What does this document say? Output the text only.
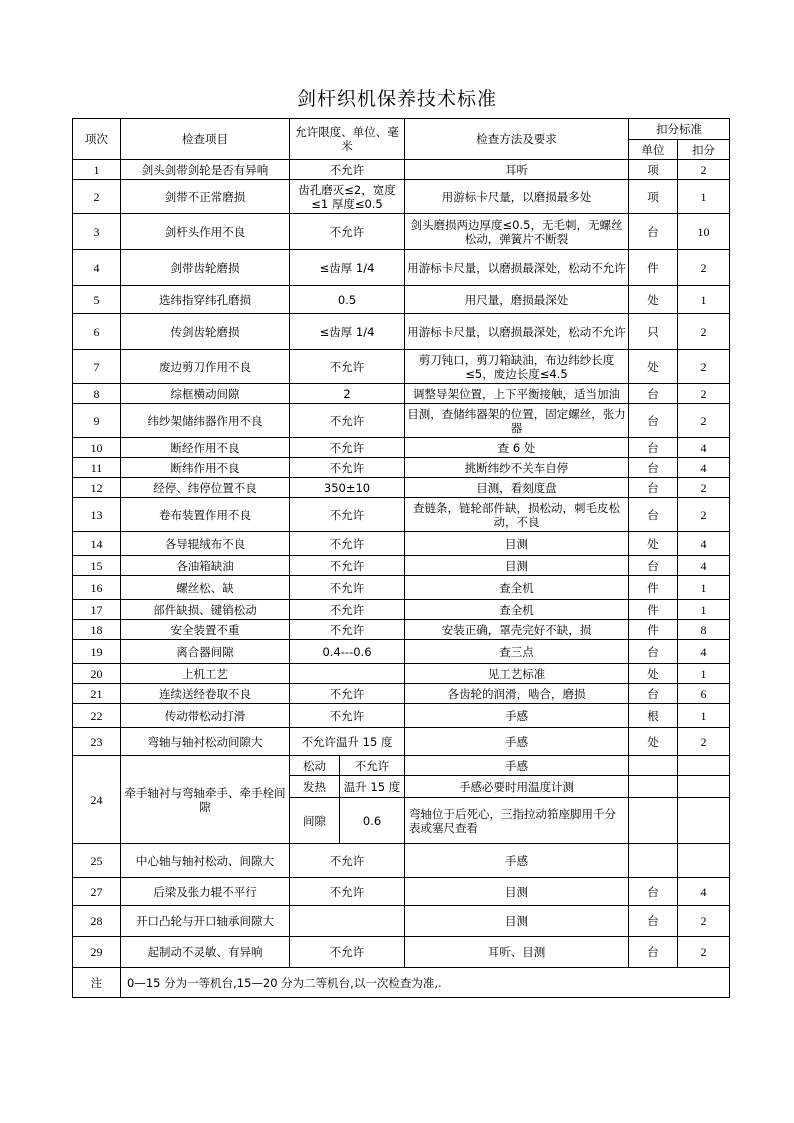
剑杆织机保养技术标准
项次	检查项目	允许限度、单位、毫米		检查方法及要求	扣分标准	
					单位	扣分
1	剑头剑带剑轮是否有异响	不允许		耳听	项	2
2	剑带不正常磨损	齿孔磨灭≤2，宽度≤1 厚度≤0.5		用游标卡尺量，以磨损最多处	项	1
3	剑杆头作用不良	不允许		剑头磨损两边厚度≤0.5，无毛刺，无螺丝松动，弹簧片不断裂	台	10
4	剑带齿轮磨损	≤齿厚 1/4		用游标卡尺量，以磨损最深处，松动不允许	件	2
5	选纬指穿纬孔磨损	0.5		用尺量，磨损最深处	处	1
6	传剑齿轮磨损	≤齿厚 1/4		用游标卡尺量，以磨损最深处，松动不允许	只	2
7	废边剪刀作用不良	不允许		剪刀钝口，剪刀箱缺油，布边纬纱长度≤5，废边长度≤4.5	处	2
8	综框横动间隙	2		调整导架位置，上下平衡接触，适当加油	台	2
9	纬纱架储纬器作用不良	不允许		目测，查储纬器架的位置，固定螺丝，张力器	台	2
10	断经作用不良	不允许		查 6 处	台	4
11	断纬作用不良	不允许		挑断纬纱不关车自停	台	4
12	经停、纬停位置不良	350±10		目测，看刻度盘	台	2
13	卷布装置作用不良	不允许		查链条，链轮部件缺，损松动，刺毛皮松动，不良	台	2
14	各导辊绒布不良	不允许		目测	处	4
15	各油箱缺油	不允许		目测	台	4
16	螺丝松、缺	不允许		查全机	件	1
17	部件缺损、键销松动	不允许		查全机	件	1
18	安全装置不重	不允许		安装正确，罩壳完好不缺，损	件	8
19	离合器间隙	0.4---0.6		查三点	台	4
20	上机工艺			见工艺标准	处	1
21	连续送经卷取不良	不允许		各齿轮的润滑，啮合，磨损	台	6
22	传动带松动打滑	不允许		手感	根	1
23	弯轴与轴衬松动间隙大	不允许温升 15 度		手感	处	2
24	牵手轴衬与弯轴牵手、牵手栓间隙	松动	不允许	手感		
		发热	温升 15 度	手感必要时用温度计测		
		间隙	0.6	弯轴位于后死心，三指拉动筘座脚用千分表或塞尺查看		
25	中心轴与轴衬松动、间隙大	不允许		手感		
27	后梁及张力辊不平行	不允许		目测	台	4
28	开口凸轮与开口轴承间隙大			目测	台	2
29	起制动不灵敏、有异响	不允许		耳听、目测	台	2
注	0—15 分为一等机台,15—20 分为二等机台,以一次检查为准,.					
